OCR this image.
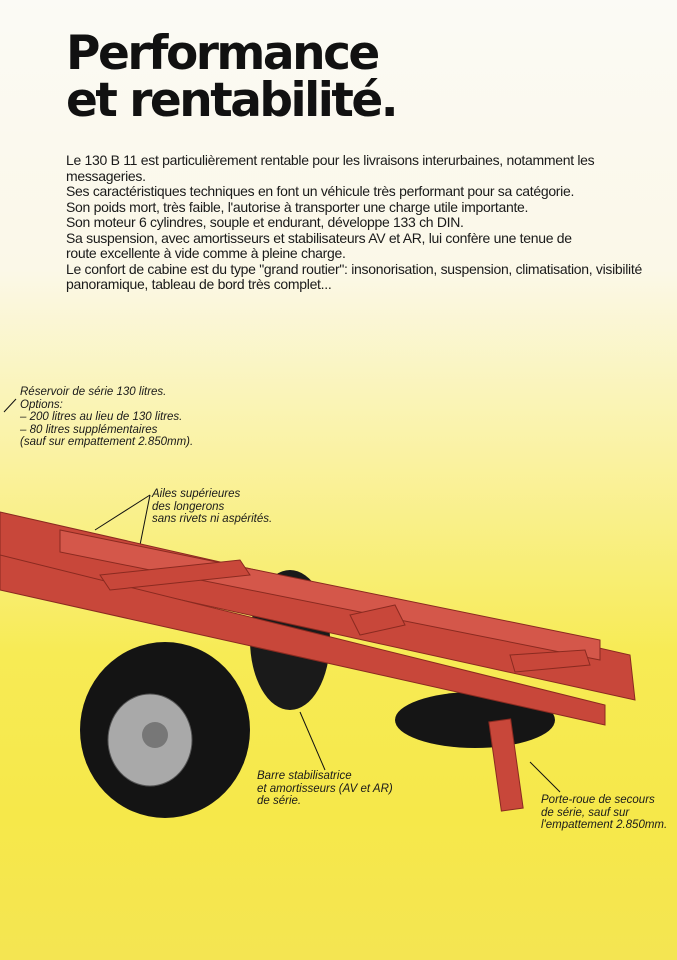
Performance
et rentabilité.

Le 130 B 11 est particulièrement rentable pour les livraisons interurbaines, notamment les messageries.

Ses caractéristiques techniques en font un véhicule très performant pour sa catégorie.

Son poids mort, très faible, l'autorise à transporter une charge utile importante.

Son moteur 6 cylindres, souple et endurant, développe 133 ch DIN.

Sa suspension, avec amortisseurs et stabilisateurs AV et AR, lui confère une tenue de route excellente à vide comme à pleine charge.

Le confort de cabine est du type "grand routier": insonorisation, suspension, climatisation, visibilité panoramique, tableau de bord très complet...

Réservoir de série 130 litres.

Options:

– 200 litres au lieu de 130 litres.

– 80 litres supplémentaires

(sauf sur empattement 2.850mm).

Ailes supérieures

des longerons

sans rivets ni aspérités.

Barre stabilisatrice

et amortisseurs (AV et AR)

de série.	Porte-roue de secours

de série, sauf sur

l'empattement 2.850mm.
